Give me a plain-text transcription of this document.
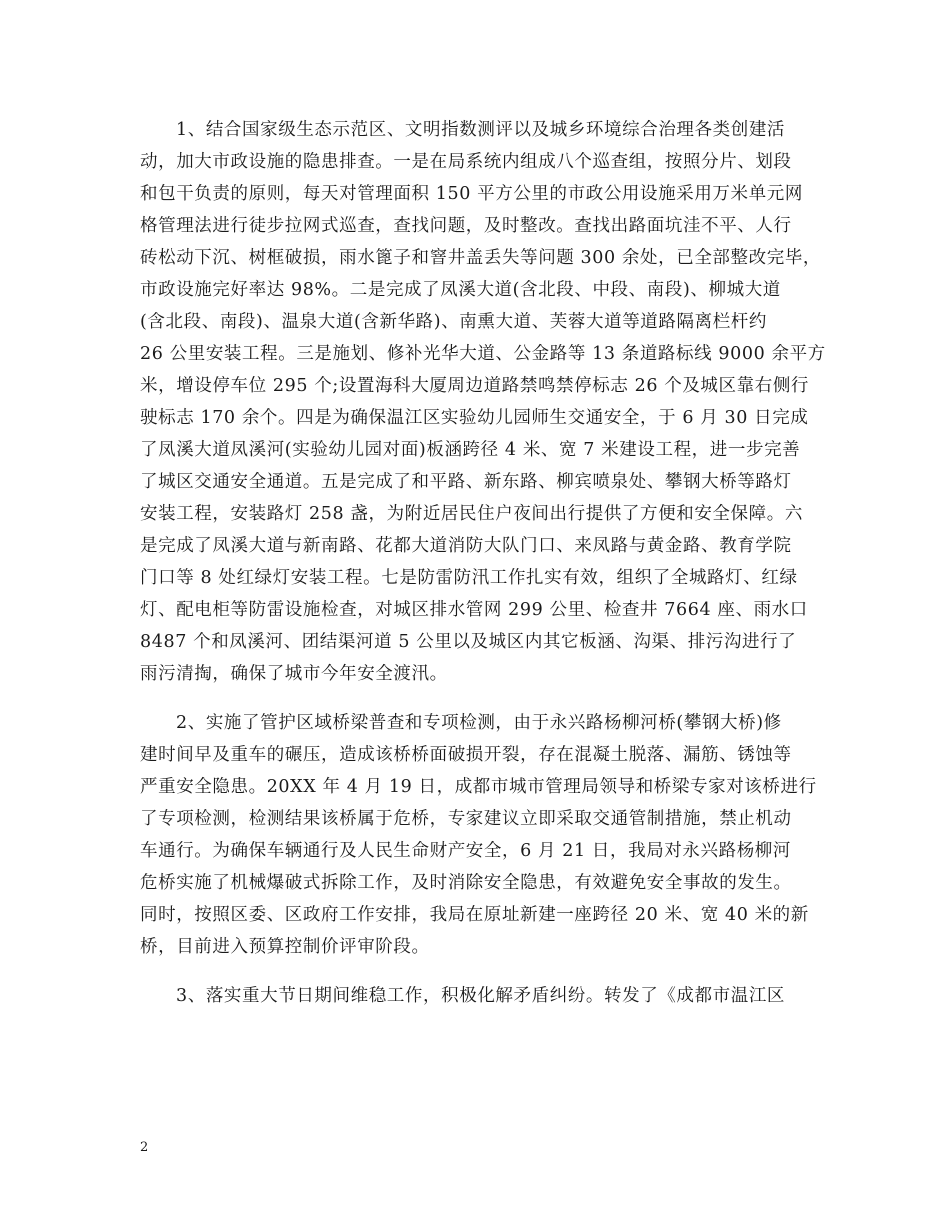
1、结合国家级生态示范区、文明指数测评以及城乡环境综合治理各类创建活
动，加大市政设施的隐患排查。一是在局系统内组成八个巡查组，按照分片、划段
和包干负责的原则，每天对管理面积 150 平方公里的市政公用设施采用万米单元网
格管理法进行徒步拉网式巡查，查找问题，及时整改。查找出路面坑洼不平、人行
砖松动下沉、树框破损，雨水篦子和窨井盖丢失等问题 300 余处，已全部整改完毕，
市政设施完好率达 98%。二是完成了凤溪大道(含北段、中段、南段)、柳城大道
(含北段、南段)、温泉大道(含新华路)、南熏大道、芙蓉大道等道路隔离栏杆约
26 公里安装工程。三是施划、修补光华大道、公金路等 13 条道路标线 9000 余平方
米，增设停车位 295 个;设置海科大厦周边道路禁鸣禁停标志 26 个及城区靠右侧行
驶标志 170 余个。四是为确保温江区实验幼儿园师生交通安全，于 6 月 30 日完成
了凤溪大道凤溪河(实验幼儿园对面)板涵跨径 4 米、宽 7 米建设工程，进一步完善
了城区交通安全通道。五是完成了和平路、新东路、柳宾喷泉处、攀钢大桥等路灯
安装工程，安装路灯 258 盏，为附近居民住户夜间出行提供了方便和安全保障。六
是完成了凤溪大道与新南路、花都大道消防大队门口、来凤路与黄金路、教育学院
门口等 8 处红绿灯安装工程。七是防雷防汛工作扎实有效，组织了全城路灯、红绿
灯、配电柜等防雷设施检查，对城区排水管网 299 公里、检查井 7664 座、雨水口
8487 个和凤溪河、团结渠河道 5 公里以及城区内其它板涵、沟渠、排污沟进行了
雨污清掏，确保了城市今年安全渡汛。
2、实施了管护区域桥梁普查和专项检测，由于永兴路杨柳河桥(攀钢大桥)修
建时间早及重车的碾压，造成该桥桥面破损开裂，存在混凝土脱落、漏筋、锈蚀等
严重安全隐患。20XX 年 4 月 19 日，成都市城市管理局领导和桥梁专家对该桥进行
了专项检测，检测结果该桥属于危桥，专家建议立即采取交通管制措施，禁止机动
车通行。为确保车辆通行及人民生命财产安全，6 月 21 日，我局对永兴路杨柳河
危桥实施了机械爆破式拆除工作，及时消除安全隐患，有效避免安全事故的发生。
同时，按照区委、区政府工作安排，我局在原址新建一座跨径 20 米、宽 40 米的新
桥，目前进入预算控制价评审阶段。
3、落实重大节日期间维稳工作，积极化解矛盾纠纷。转发了《成都市温江区
2
